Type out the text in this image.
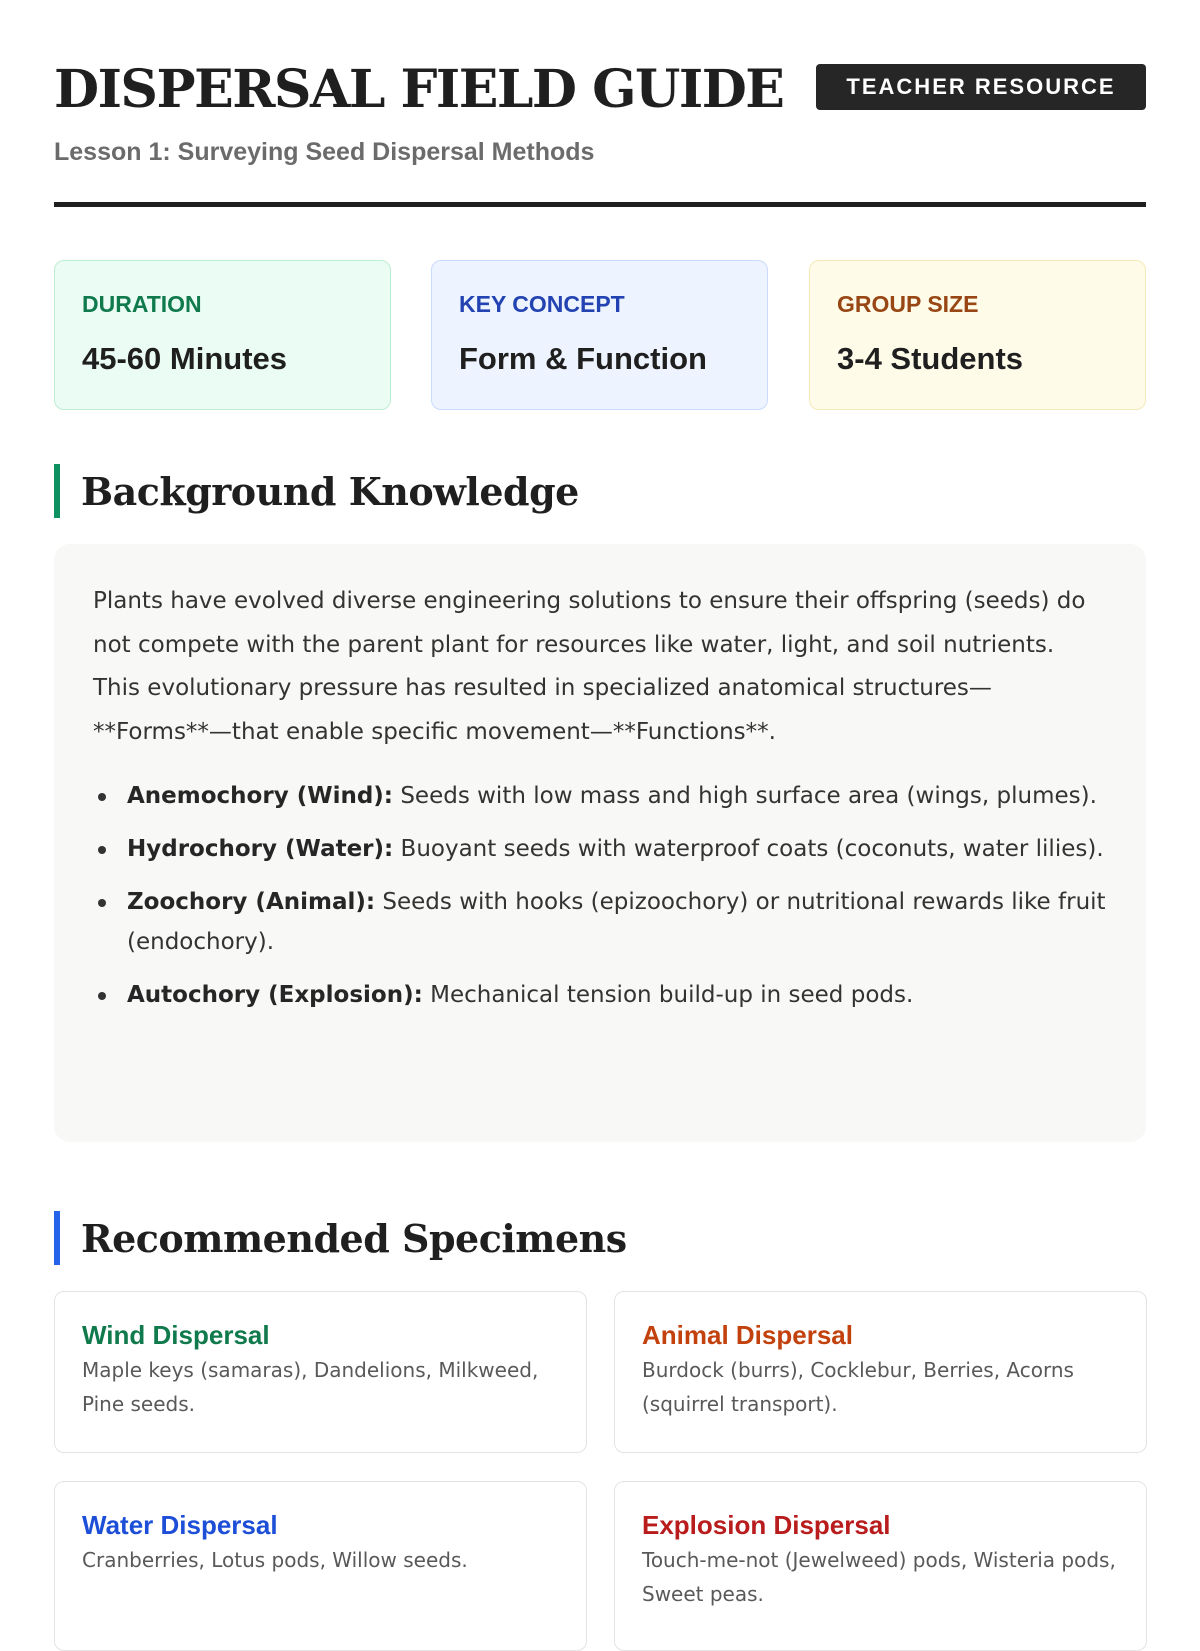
DISPERSAL FIELD GUIDE	TEACHER RESOURCE
Lesson 1: Surveying Seed Dispersal Methods
DURATION
45-60 Minutes
KEY CONCEPT
Form & Function
GROUP SIZE
3-4 Students
Background Knowledge

Plants have evolved diverse engineering solutions to ensure their offspring (seeds) do not compete with the parent plant for resources like water, light, and soil nutrients. This evolutionary pressure has resulted in specialized anatomical structures—**Forms**—that enable specific movement—**Functions**.

Anemochory (Wind): Seeds with low mass and high surface area (wings, plumes).
Hydrochory (Water): Buoyant seeds with waterproof coats (coconuts, water lilies).
Zoochory (Animal): Seeds with hooks (epizoochory) or nutritional rewards like fruit (endochory).
Autochory (Explosion): Mechanical tension build-up in seed pods.
Recommended Specimens
Wind Dispersal
Maple keys (samaras), Dandelions, Milkweed, Pine seeds.
Animal Dispersal
Burdock (burrs), Cocklebur, Berries, Acorns (squirrel transport).
Water Dispersal
Cranberries, Lotus pods, Willow seeds.
Explosion Dispersal
Touch-me-not (Jewelweed) pods, Wisteria pods, Sweet peas.
